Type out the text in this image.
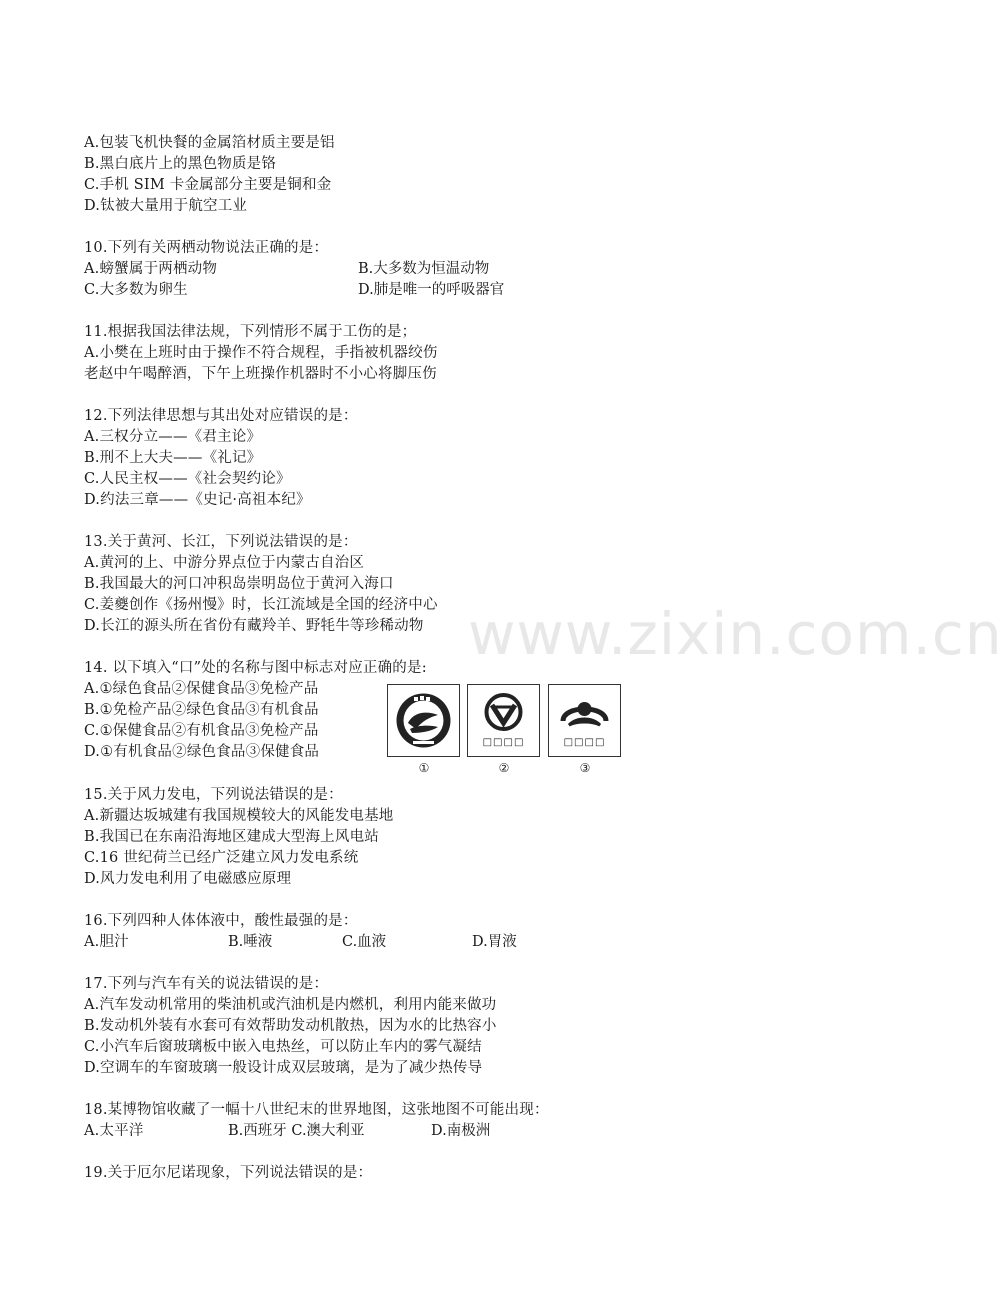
www.zixin.com.cn
A.包装飞机快餐的金属箔材质主要是铝
B.黑白底片上的黑色物质是铬
C.手机 SIM 卡金属部分主要是铜和金
D.钛被大量用于航空工业
10.下列有关两栖动物说法正确的是：
A.螃蟹属于两栖动物	B.大多数为恒温动物
C.大多数为卵生	D.肺是唯一的呼吸器官
11.根据我国法律法规，下列情形不属于工伤的是；
A.小樊在上班时由于操作不符合规程，手指被机器绞伤
老赵中午喝醉酒，下午上班操作机器时不小心将脚压伤
12.下列法律思想与其出处对应错误的是：
A.三权分立——《君主论》
B.刑不上大夫——《礼记》
C.人民主权——《社会契约论》
D.约法三章——《史记·高祖本纪》
13.关于黄河、长江，下列说法错误的是：
A.黄河的上、中游分界点位于内蒙古自治区
B.我国最大的河口冲积岛崇明岛位于黄河入海口
C.姜夔创作《扬州慢》时，长江流域是全国的经济中心
D.长江的源头所在省份有藏羚羊、野牦牛等珍稀动物
14. 以下填入“口”处的名称与图中标志对应正确的是:
A.①绿色食品②保健食品③免检产品
B.①免检产品②绿色食品③有机食品
C.①保健食品②有机食品③免检产品
D.①有机食品②绿色食品③保健食品
□□□□	□□□□
①	②	③
15.关于风力发电，下列说法错误的是：
A.新疆达坂城建有我国规模较大的风能发电基地
B.我国已在东南沿海地区建成大型海上风电站
C.16 世纪荷兰已经广泛建立风力发电系统
D.风力发电利用了电磁感应原理
16.下列四种人体体液中，酸性最强的是：
A.胆汁	B.唾液	C.血液	D.胃液
17.下列与汽车有关的说法错误的是：
A.汽车发动机常用的柴油机或汽油机是内燃机，利用内能来做功
B.发动机外装有水套可有效帮助发动机散热，因为水的比热容小
C.小汽车后窗玻璃板中嵌入电热丝，可以防止车内的雾气凝结
D.空调车的车窗玻璃一般设计成双层玻璃，是为了减少热传导
18.某博物馆收藏了一幅十八世纪末的世界地图，这张地图不可能出现：
A.太平洋	B.西班牙 C.澳大利亚	D.南极洲
19.关于厄尔尼诺现象，下列说法错误的是：
